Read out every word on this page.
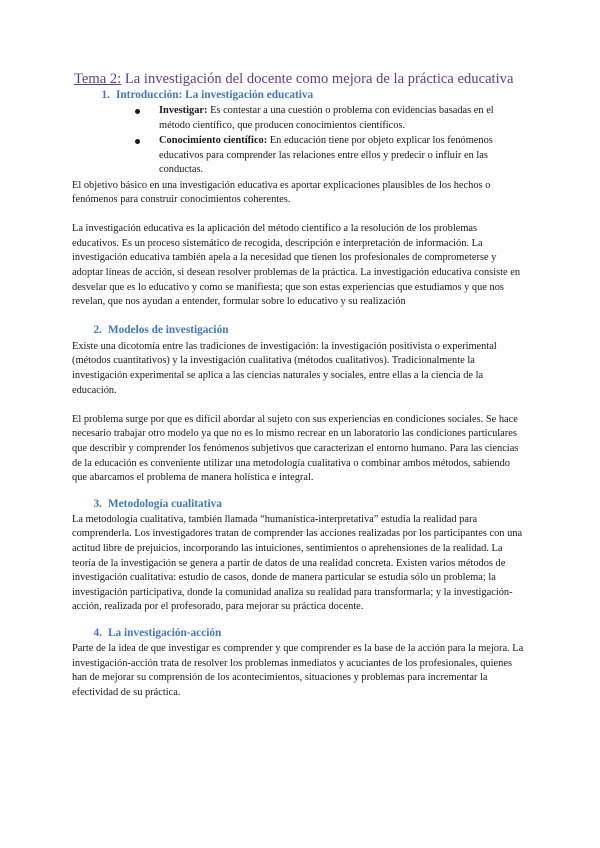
Tema 2: La investigación del docente como mejora de la práctica educativa
1. Introducción: La investigación educativa
Investigar: Es contestar a una cuestión o problema con evidencias basadas en el método científico, que producen conocimientos científicos.
Conocimiento científico: En educación tiene por objeto explicar los fenómenos educativos para comprender las relaciones entre ellos y predecir o influir en las conductas.

El objetivo básico en una investigación educativa es aportar explicaciones plausibles de los hechos o fenómenos para construir conocimientos coherentes.

La investigación educativa es la aplicación del método científico a la resolución de los problemas educativos. Es un proceso sistemático de recogida, descripción e interpretación de información. La investigación educativa también apela a la necesidad que tienen los profesionales de comprometerse y adoptar líneas de acción, si desean resolver problemas de la práctica. La investigación educativa consiste en desvelar que es lo educativo y como se manifiesta; que son estas experiencias que estudiamos y que nos revelan, que nos ayudan a entender, formular sobre lo educativo y su realización

2. Modelos de investigación

Existe una dicotomía entre las tradiciones de investigación: la investigación positivista o experimental (métodos cuantitativos) y la investigación cualitativa (métodos cualitativos). Tradicionalmente la investigación experimental se aplica a las ciencias naturales y sociales, entre ellas a la ciencia de la educación.

El problema surge por que es difícil abordar al sujeto con sus experiencias en condiciones sociales. Se hace necesario trabajar otro modelo ya que no es lo mismo recrear en un laboratorio las condiciones particulares que describir y comprender los fenómenos subjetivos que caracterizan el entorno humano. Para las ciencias de la educación es conveniente utilizar una metodología cualitativa o combinar ambos métodos, sabiendo que abarcamos el problema de manera holística e integral.

3. Metodología cualitativa

La metodología cualitativa, también llamada “humanística-interpretativa” estudia la realidad para comprenderla. Los investigadores tratan de comprender las acciones realizadas por los participantes con una actitud libre de prejuicios, incorporando las intuiciones, sentimientos o aprehensiones de la realidad. La teoría de la investigación se genera a partir de datos de una realidad concreta. Existen varios métodos de investigación cualitativa: estudio de casos, donde de manera particular se estudia sólo un problema; la investigación participativa, donde la comunidad analiza su realidad para transformarla; y la investigación-acción, realizada por el profesorado, para mejorar su práctica docente.

4. La investigación-acción

Parte de la idea de que investigar es comprender y que comprender es la base de la acción para la mejora. La investigación-acción trata de resolver los problemas inmediatos y acuciantes de los profesionales, quienes han de mejorar su comprensión de los acontecimientos, situaciones y problemas para incrementar la efectividad de su práctica.
